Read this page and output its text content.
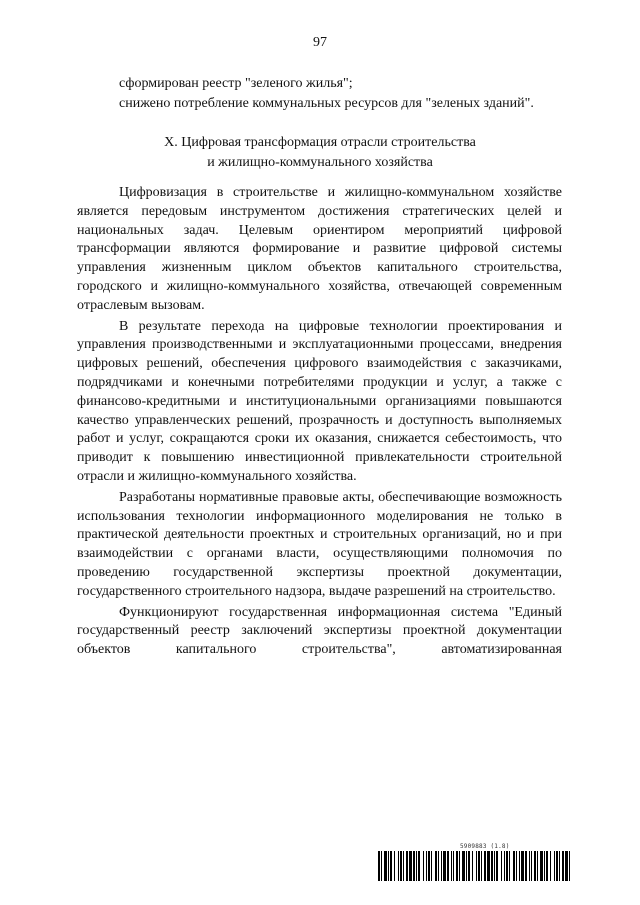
97
сформирован реестр "зеленого жилья";
снижено потребление коммунальных ресурсов для "зеленых зданий".
X. Цифровая трансформация отрасли строительства
и жилищно-коммунального хозяйства

Цифровизация в строительстве и жилищно-коммунальном хозяйстве является передовым инструментом достижения стратегических целей и национальных задач. Целевым ориентиром мероприятий цифровой трансформации являются формирование и развитие цифровой системы управления жизненным циклом объектов капитального строительства, городского и жилищно-коммунального хозяйства, отвечающей современным отраслевым вызовам.

В результате перехода на цифровые технологии проектирования и управления производственными и эксплуатационными процессами, внедрения цифровых решений, обеспечения цифрового взаимодействия с заказчиками, подрядчиками и конечными потребителями продукции и услуг, а также с финансово-кредитными и институциональными организациями повышаются качество управленческих решений, прозрачность и доступность выполняемых работ и услуг, сокращаются сроки их оказания, снижается себестоимость, что приводит к повышению инвестиционной привлекательности строительной отрасли и жилищно-коммунального хозяйства.

Разработаны нормативные правовые акты, обеспечивающие возможность использования технологии информационного моделирования не только в практической деятельности проектных и строительных организаций, но и при взаимодействии с органами власти, осуществляющими полномочия по проведению государственной экспертизы проектной документации, государственного строительного надзора, выдаче разрешений на строительство.

Функционируют государственная информационная система "Единый государственный реестр заключений экспертизы проектной документации объектов капитального строительства", автоматизированная

5909883 (1.8)
